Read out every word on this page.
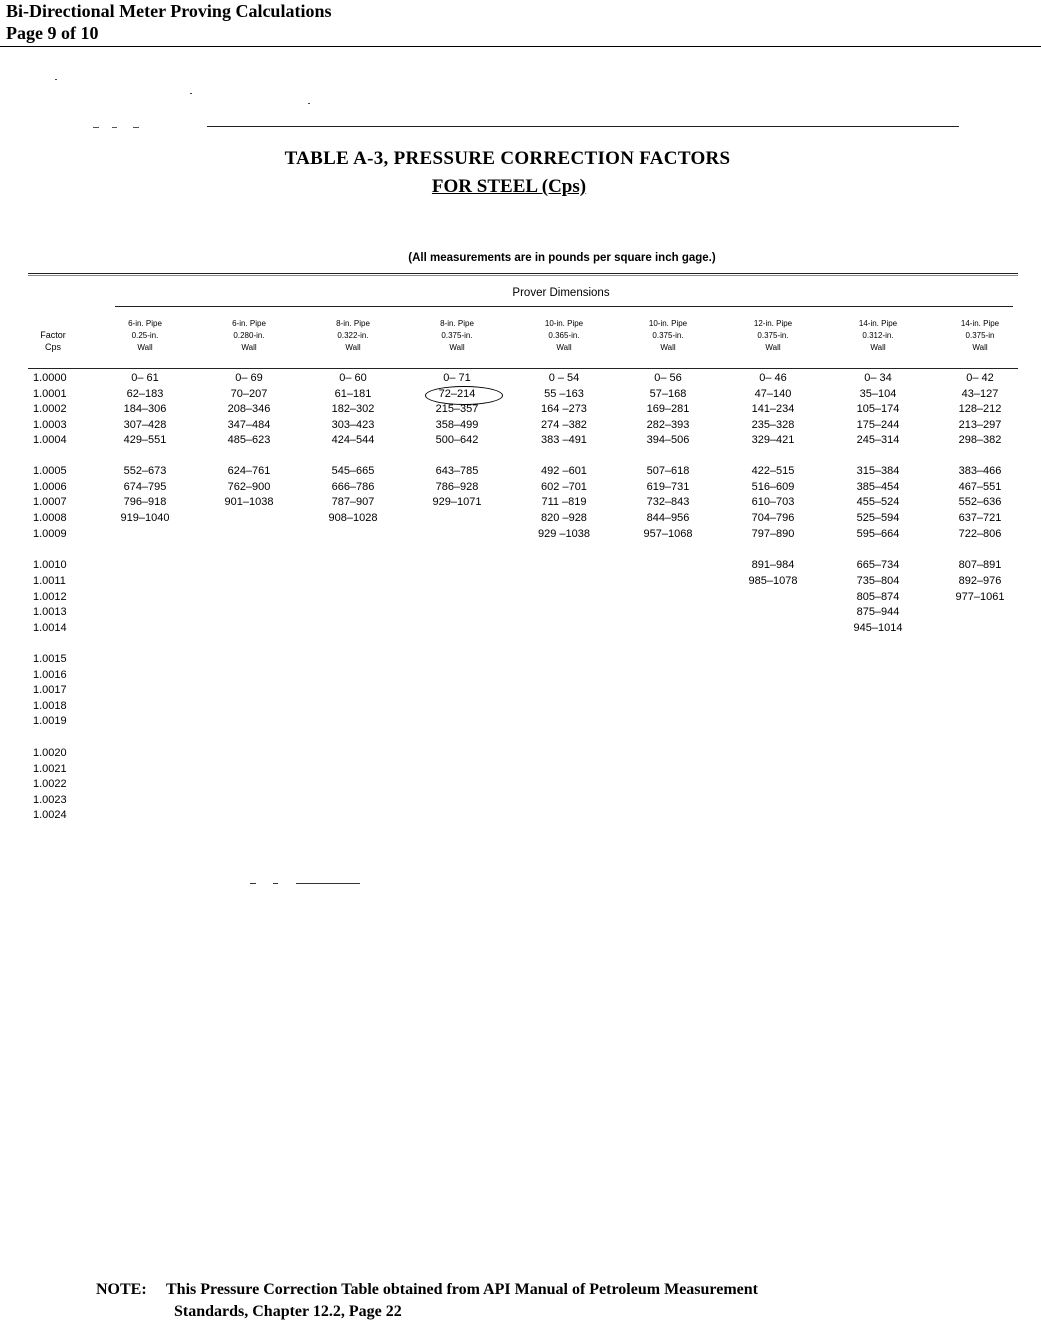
Bi-Directional Meter Proving Calculations
Page 9 of 10
TABLE A-3, PRESSURE CORRECTION FACTORS
FOR STEEL (Cps)
(All measurements are in pounds per square inch gage.)
Prover Dimensions
Factor
Cps
6-in. Pipe
0.25-in.
Wall
6-in. Pipe
0.280-in.
Wall
8-in. Pipe
0.322-in.
Wall
8-in. Pipe
0.375-in.
Wall
10-in. Pipe
0.365-in.
Wall
10-in. Pipe
0.375-in.
Wall
12-in. Pipe
0.375-in.
Wall
14-in. Pipe
0.312-in.
Wall
14-in. Pipe
0.375-in
Wall
1.0000
1.0001
1.0002
1.0003
1.0004
1.0005
1.0006
1.0007
1.0008
1.0009
1.0010
1.0011
1.0012
1.0013
1.0014
1.0015
1.0016
1.0017
1.0018
1.0019
1.0020
1.0021
1.0022
1.0023
1.0024
0– 61
62–183
184–306
307–428
429–551
552–673
674–795
796–918
919–1040
0– 69
70–207
208–346
347–484
485–623
624–761
762–900
901–1038
0– 60
61–181
182–302
303–423
424–544
545–665
666–786
787–907
908–1028
0– 71
72–214
215–357
358–499
500–642
643–785
786–928
929–1071
0 – 54
55 –163
164 –273
274 –382
383 –491
492 –601
602 –701
711 –819
820 –928
929 –1038
0– 56
57–168
169–281
282–393
394–506
507–618
619–731
732–843
844–956
957–1068
0– 46
47–140
141–234
235–328
329–421
422–515
516–609
610–703
704–796
797–890
891–984
985–1078
0– 34
35–104
105–174
175–244
245–314
315–384
385–454
455–524
525–594
595–664
665–734
735–804
805–874
875–944
945–1014
0– 42
43–127
128–212
213–297
298–382
383–466
467–551
552–636
637–721
722–806
807–891
892–976
977–1061
NOTE: This Pressure Correction Table obtained from API Manual of Petroleum Measurement
Standards, Chapter 12.2, Page 22
